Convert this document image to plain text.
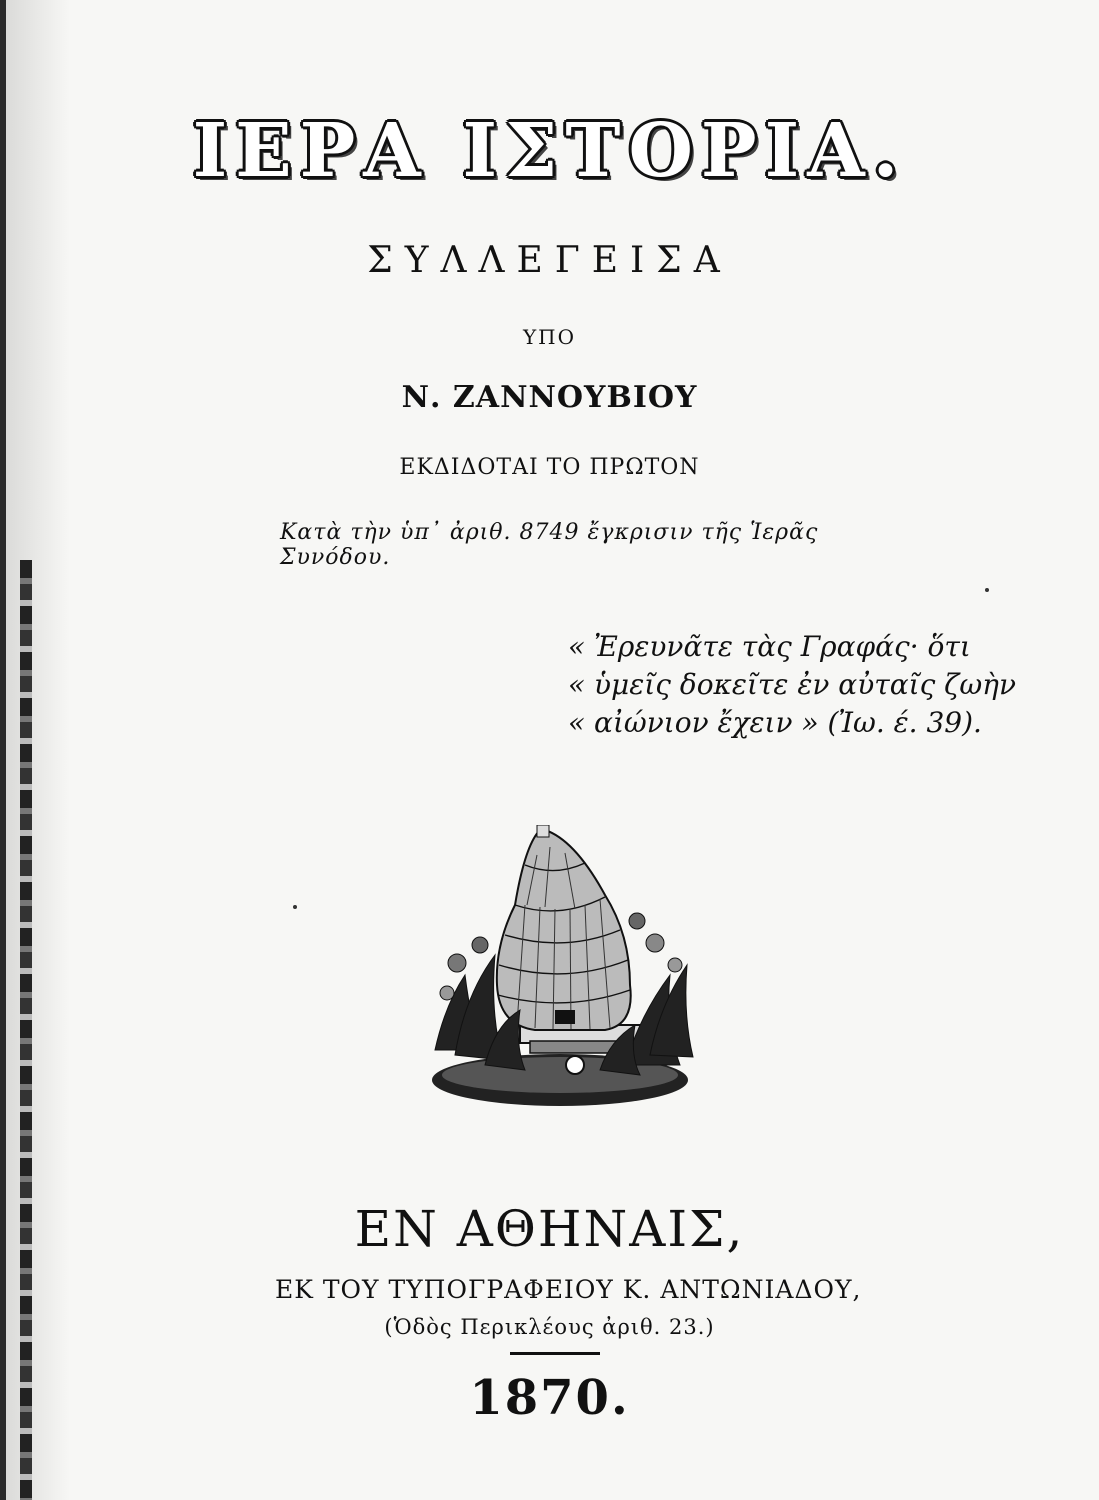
ΙΕΡΑ ΙΣΤΟΡΙΑ.
ΣΥΛΛΕΓΕΙΣΑ
ΥΠΟ
Ν. ΖΑΝΝΟΥΒΙΟΥ
ΕΚΔΙΔΟΤΑΙ ΤΟ ΠΡΩΤΟΝ
Κατὰ τὴν ὑπ᾽ ἀριθ. 8749 ἔγκρισιν τῆς Ἱερᾶς Συνόδου.
« Ἐρευνᾶτε τὰς Γραφάς· ὅτι
« ὑμεῖς δοκεῖτε ἐν αὐταῖς ζωὴν
« αἰώνιον ἔχειν » (Ἰω. έ. 39).
ΕΝ ΑΘΗΝΑΙΣ,
ΕΚ ΤΟΥ ΤΥΠΟΓΡΑΦΕΙΟΥ Κ. ΑΝΤΩΝΙΑΔΟΥ,
(Ὁδὸς Περικλέους ἀριθ. 23.)
1870.
